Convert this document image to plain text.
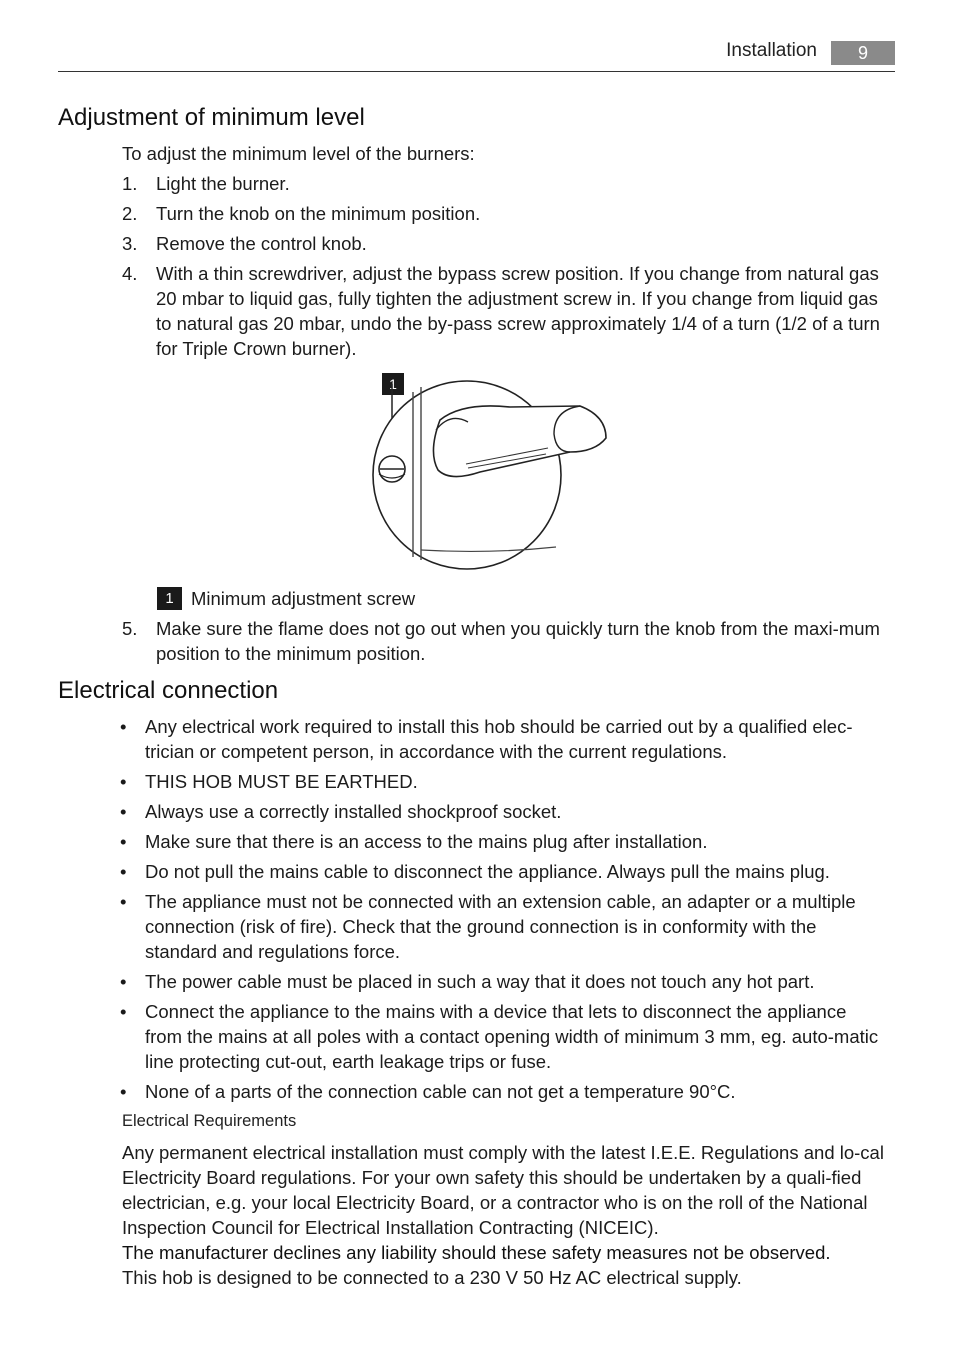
Installation	9
Adjustment of minimum level
To adjust the minimum level of the burners:
1. Light the burner.
2. Turn the knob on the minimum position.
3. Remove the control knob.
4. With a thin screwdriver, adjust the bypass screw position. If you change from natural gas 20 mbar to liquid gas, fully tighten the adjustment screw in. If you change from liquid gas to natural gas 20 mbar, undo the by-pass screw approximately 1/4 of a turn (1/2 of a turn for Triple Crown burner).
1
1 Minimum adjustment screw
5. Make sure the flame does not go out when you quickly turn the knob from the maxi-mum position to the minimum position.
Electrical connection
• Any electrical work required to install this hob should be carried out by a qualified elec-trician or competent person, in accordance with the current regulations.
• THIS HOB MUST BE EARTHED.
• Always use a correctly installed shockproof socket.
• Make sure that there is an access to the mains plug after installation.
• Do not pull the mains cable to disconnect the appliance. Always pull the mains plug.
• The appliance must not be connected with an extension cable, an adapter or a multiple connection (risk of fire). Check that the ground connection is in conformity with the standard and regulations force.
• The power cable must be placed in such a way that it does not touch any hot part.
• Connect the appliance to the mains with a device that lets to disconnect the appliance from the mains at all poles with a contact opening width of minimum 3 mm, eg. auto-matic line protecting cut-out, earth leakage trips or fuse.
• None of a parts of the connection cable can not get a temperature 90°C.
Electrical Requirements
Any permanent electrical installation must comply with the latest I.E.E. Regulations and lo-cal Electricity Board regulations. For your own safety this should be undertaken by a quali-fied electrician, e.g. your local Electricity Board, or a contractor who is on the roll of the National Inspection Council for Electrical Installation Contracting (NICEIC).
The manufacturer declines any liability should these safety measures not be observed.
This hob is designed to be connected to a 230 V 50 Hz AC electrical supply.
